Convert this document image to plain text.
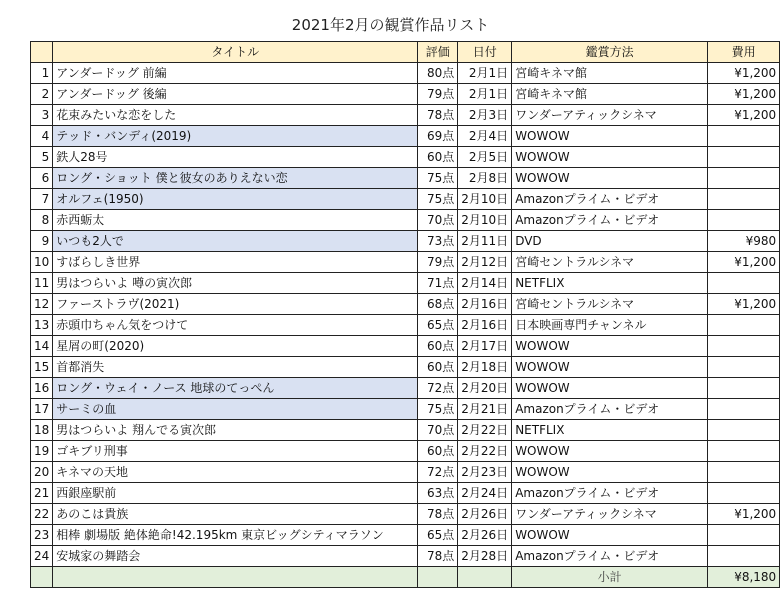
2021年2月の観賞作品リスト
	タイトル	評価	日付	鑑賞方法	費用
1	アンダードッグ 前編	80点	2月1日	宮崎キネマ館	¥1,200
2	アンダードッグ 後編	79点	2月1日	宮崎キネマ館	¥1,200
3	花束みたいな恋をした	78点	2月3日	ワンダーアティックシネマ	¥1,200
4	テッド・バンディ(2019)	69点	2月4日	WOWOW	
5	鉄人28号	60点	2月5日	WOWOW	
6	ロング・ショット 僕と彼女のありえない恋	75点	2月8日	WOWOW	
7	オルフェ(1950)	75点	2月10日	Amazonプライム・ビデオ	
8	赤西蛎太	70点	2月10日	Amazonプライム・ビデオ	
9	いつも2人で	73点	2月11日	DVD	¥980
10	すばらしき世界	79点	2月12日	宮崎セントラルシネマ	¥1,200
11	男はつらいよ 噂の寅次郎	71点	2月14日	NETFLIX	
12	ファーストラヴ(2021)	68点	2月16日	宮崎セントラルシネマ	¥1,200
13	赤頭巾ちゃん気をつけて	65点	2月16日	日本映画専門チャンネル	
14	星屑の町(2020)	60点	2月17日	WOWOW	
15	首都消失	60点	2月18日	WOWOW	
16	ロング・ウェイ・ノース 地球のてっぺん	72点	2月20日	WOWOW	
17	サーミの血	75点	2月21日	Amazonプライム・ビデオ	
18	男はつらいよ 翔んでる寅次郎	70点	2月22日	NETFLIX	
19	ゴキブリ刑事	60点	2月22日	WOWOW	
20	キネマの天地	72点	2月23日	WOWOW	
21	西銀座駅前	63点	2月24日	Amazonプライム・ビデオ	
22	あのこは貴族	78点	2月26日	ワンダーアティックシネマ	¥1,200
23	相棒 劇場版 絶体絶命!42.195km 東京ビッグシティマラソン	65点	2月26日	WOWOW	
24	安城家の舞踏会	78点	2月28日	Amazonプライム・ビデオ	
				小計	¥8,180
